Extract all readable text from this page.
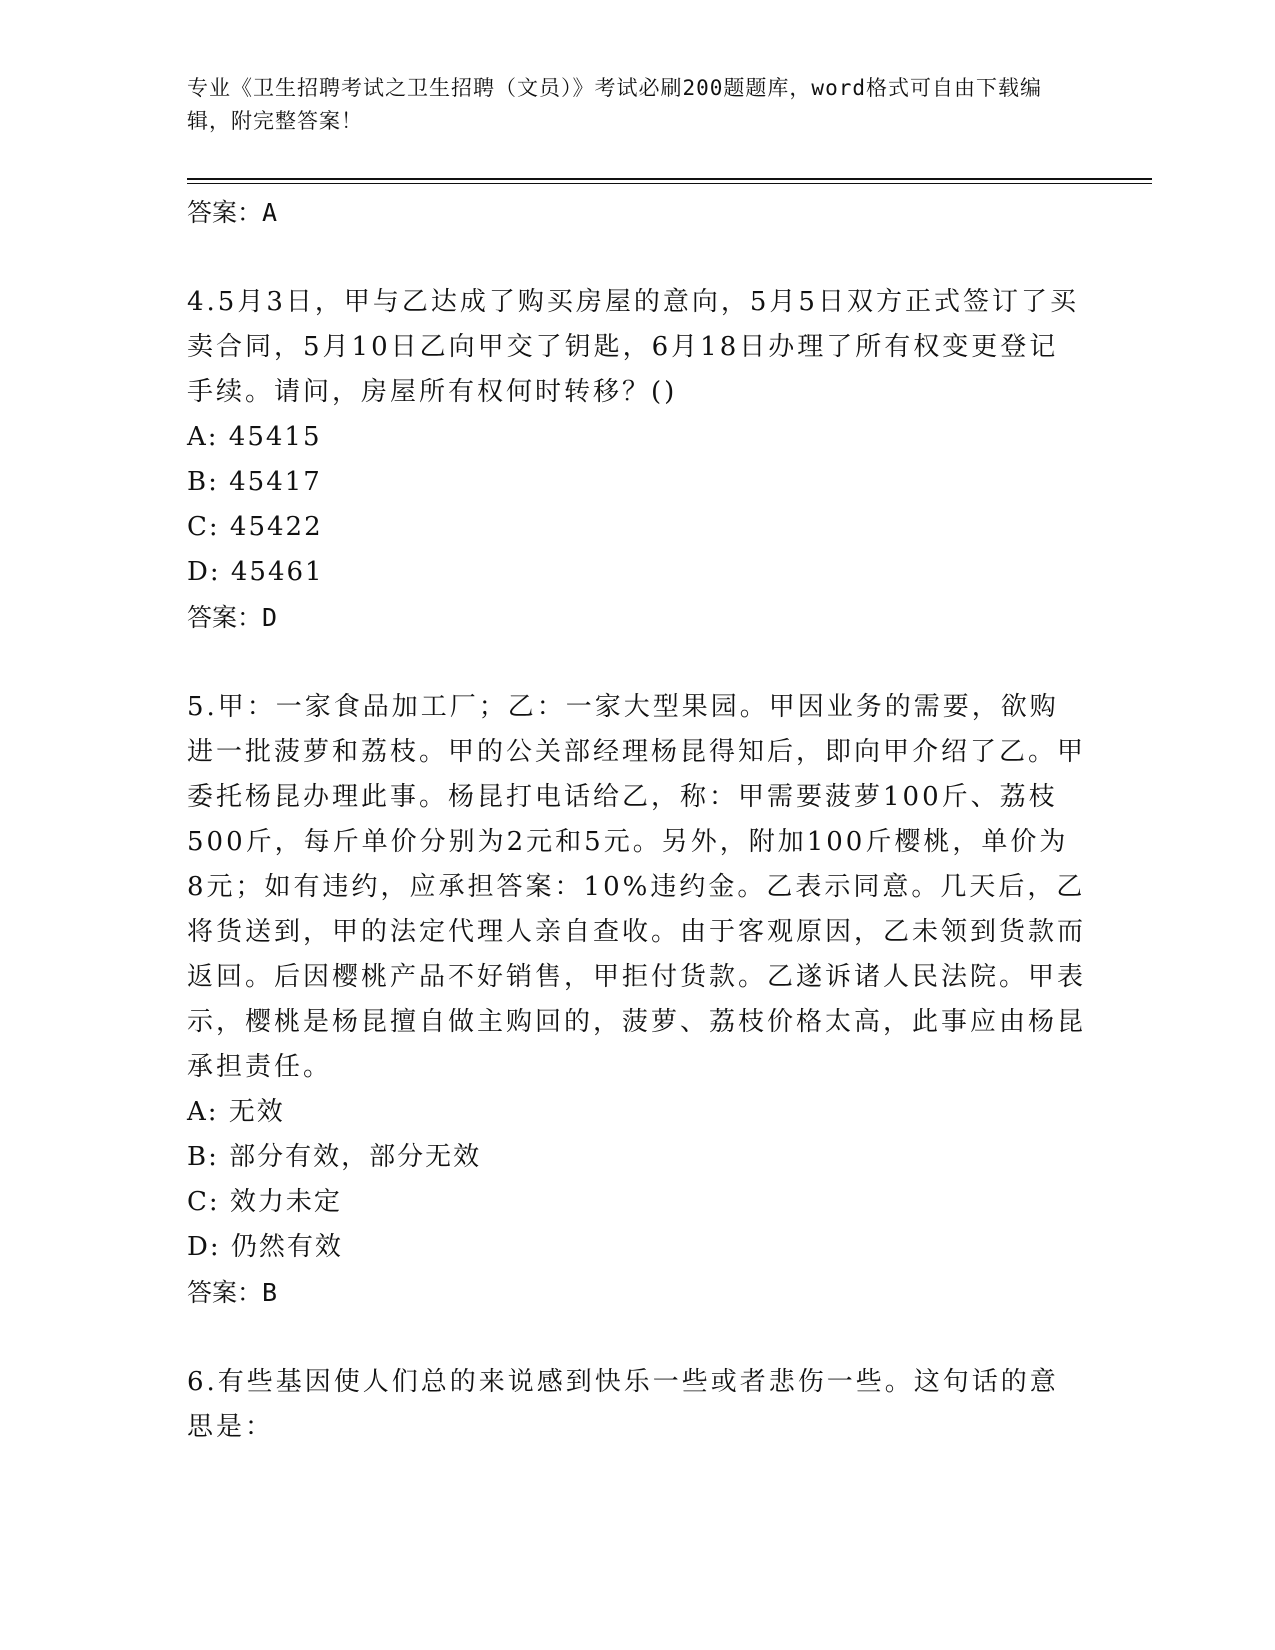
专业《卫生招聘考试之卫生招聘（文员）》考试必刷200题题库，word格式可自由下载编辑，附完整答案！

答案：A

4.5月3日，甲与乙达成了购买房屋的意向，5月5日双方正式签订了买卖合同，5月10日乙向甲交了钥匙，6月18日办理了所有权变更登记手续。请问，房屋所有权何时转移？()

A: 45415

B: 45417

C: 45422

D: 45461

答案：D

5.甲：一家食品加工厂；乙：一家大型果园。甲因业务的需要，欲购进一批菠萝和荔枝。甲的公关部经理杨昆得知后，即向甲介绍了乙。甲委托杨昆办理此事。杨昆打电话给乙，称：甲需要菠萝100斤、荔枝500斤，每斤单价分别为2元和5元。另外，附加100斤樱桃，单价为8元；如有违约，应承担答案：10%违约金。乙表示同意。几天后，乙将货送到，甲的法定代理人亲自查收。由于客观原因，乙未领到货款而返回。后因樱桃产品不好销售，甲拒付货款。乙遂诉诸人民法院。甲表示，樱桃是杨昆擅自做主购回的，菠萝、荔枝价格太高，此事应由杨昆承担责任。

A: 无效

B: 部分有效，部分无效

C: 效力未定

D: 仍然有效

答案：B

6.有些基因使人们总的来说感到快乐一些或者悲伤一些。这句话的意思是：
